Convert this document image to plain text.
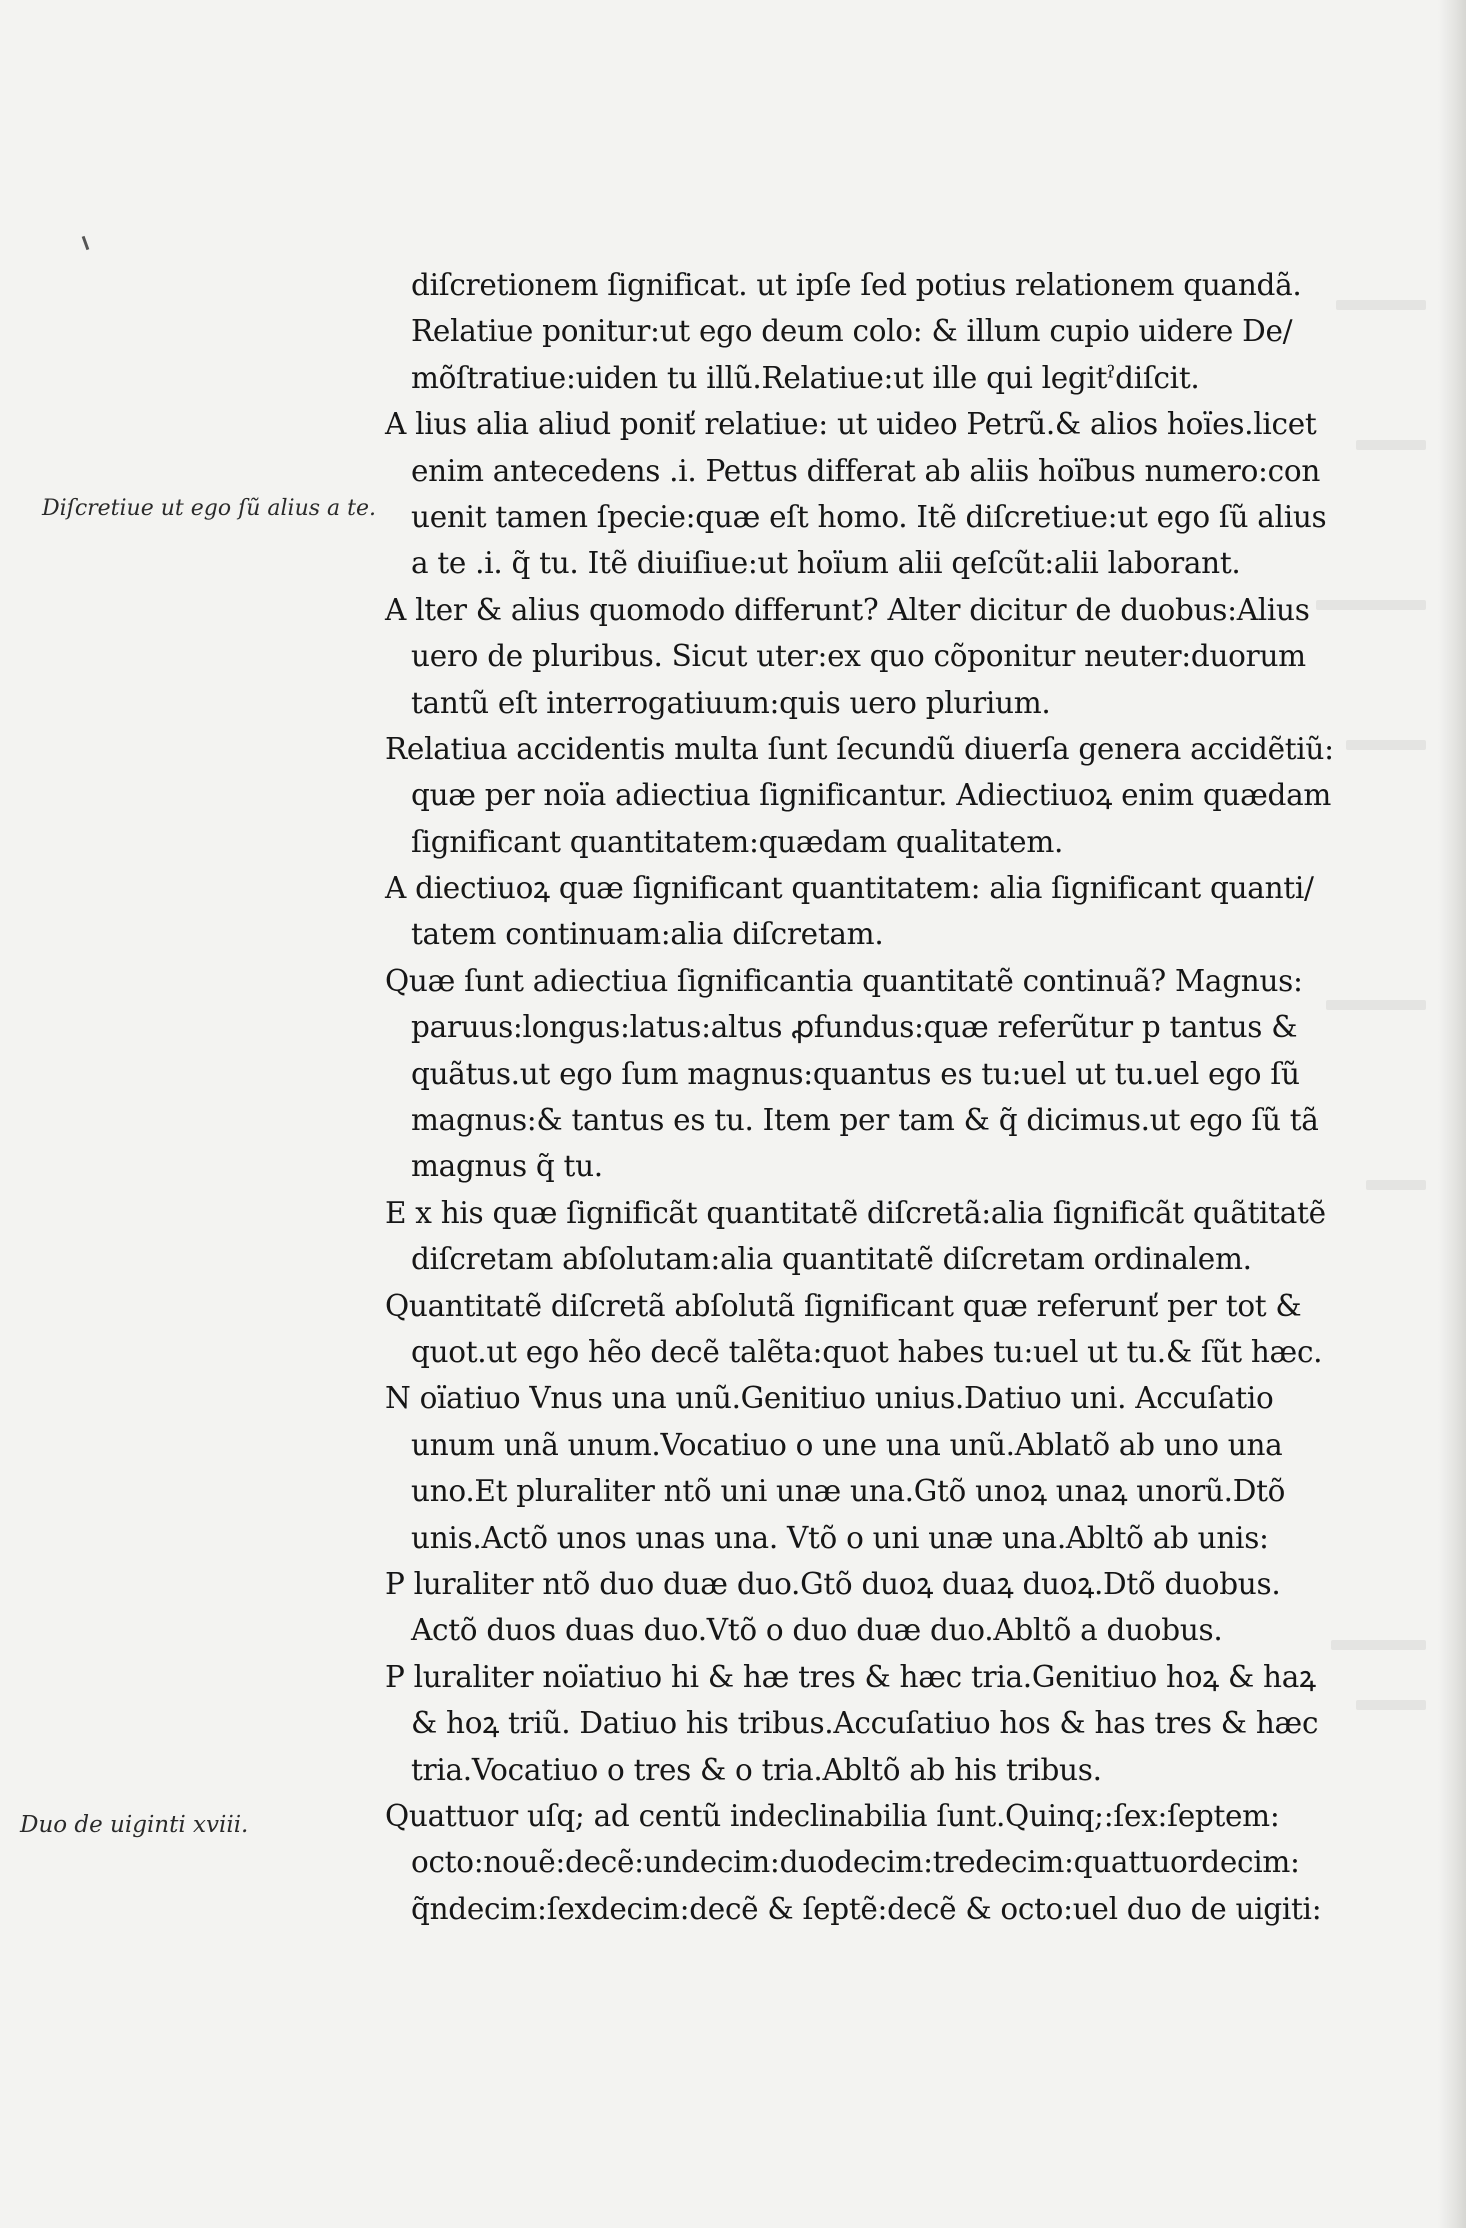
Diſcretiue ut ego ſũ alius a te.
Duo de uiginti xviii.
diſcretionem ſignificat. ut ipſe ſed potius relationem quandã.
Relatiue ponitur:ut ego deum colo: & illum cupio uidere De/
mõſtratiue:uiden tu illũ.Relatiue:ut ille qui legitˀdiſcit.
A lius alia aliud poniť relatiue: ut uideo Petrũ.& alios hoïes.licet
enim antecedens .i. Pettus differat ab aliis hoïbus numero:con
uenit tamen ſpecie:quæ eſt homo. Itẽ diſcretiue:ut ego ſũ alius
a te .i. q̃ tu. Itẽ diuiſiue:ut hoïum alii qeſcũt:alii laborant.
A lter & alius quomodo differunt? Alter dicitur de duobus:Alius
uero de pluribus. Sicut uter:ex quo cõponitur neuter:duorum
tantũ eſt interrogatiuum:quis uero plurium.
Relatiua accidentis multa ſunt ſecundũ diuerſa genera accidẽtiũ:
quæ per noïa adiectiua ſignificantur. Adiectiuoꝝ enim quædam
ſignificant quantitatem:quædam qualitatem.
A diectiuoꝝ quæ ſignificant quantitatem: alia ſignificant quanti/
tatem continuam:alia diſcretam.
Quæ ſunt adiectiua ſignificantia quantitatẽ continuã? Magnus:
paruus:longus:latus:altus ꝓfundus:quæ referũtur p tantus &
quãtus.ut ego ſum magnus:quantus es tu:uel ut tu.uel ego ſũ
magnus:& tantus es tu. Item per tam & q̃ dicimus.ut ego ſũ tã
magnus q̃ tu.
E x his quæ ſignificãt quantitatẽ diſcretã:alia ſignificãt quãtitatẽ
diſcretam abſolutam:alia quantitatẽ diſcretam ordinalem.
Quantitatẽ diſcretã abſolutã ſignificant quæ referunť per tot &
quot.ut ego hẽo decẽ talẽta:quot habes tu:uel ut tu.& ſũt hæc.
N oïatiuo Vnus una unũ.Genitiuo unius.Datiuo uni. Accuſatio
unum unã unum.Vocatiuo o une una unũ.Ablatõ ab uno una
uno.Et pluraliter ntõ uni unæ una.Gtõ unoꝝ unaꝝ unorũ.Dtõ
unis.Actõ unos unas una. Vtõ o uni unæ una.Abltõ ab unis:
P luraliter ntõ duo duæ duo.Gtõ duoꝝ duaꝝ duoꝝ.Dtõ duobus.
Actõ duos duas duo.Vtõ o duo duæ duo.Abltõ a duobus.
P luraliter noïatiuo hi & hæ tres & hæc tria.Genitiuo hoꝝ & haꝝ
& hoꝝ triũ. Datiuo his tribus.Accuſatiuo hos & has tres & hæc
tria.Vocatiuo o tres & o tria.Abltõ ab his tribus.
Quattuor uſq; ad centũ indeclinabilia ſunt.Quinq;:ſex:ſeptem:
octo:nouẽ:decẽ:undecim:duodecim:tredecim:quattuordecim:
q̃ndecim:ſexdecim:decẽ & ſeptẽ:decẽ & octo:uel duo de uigiti:
